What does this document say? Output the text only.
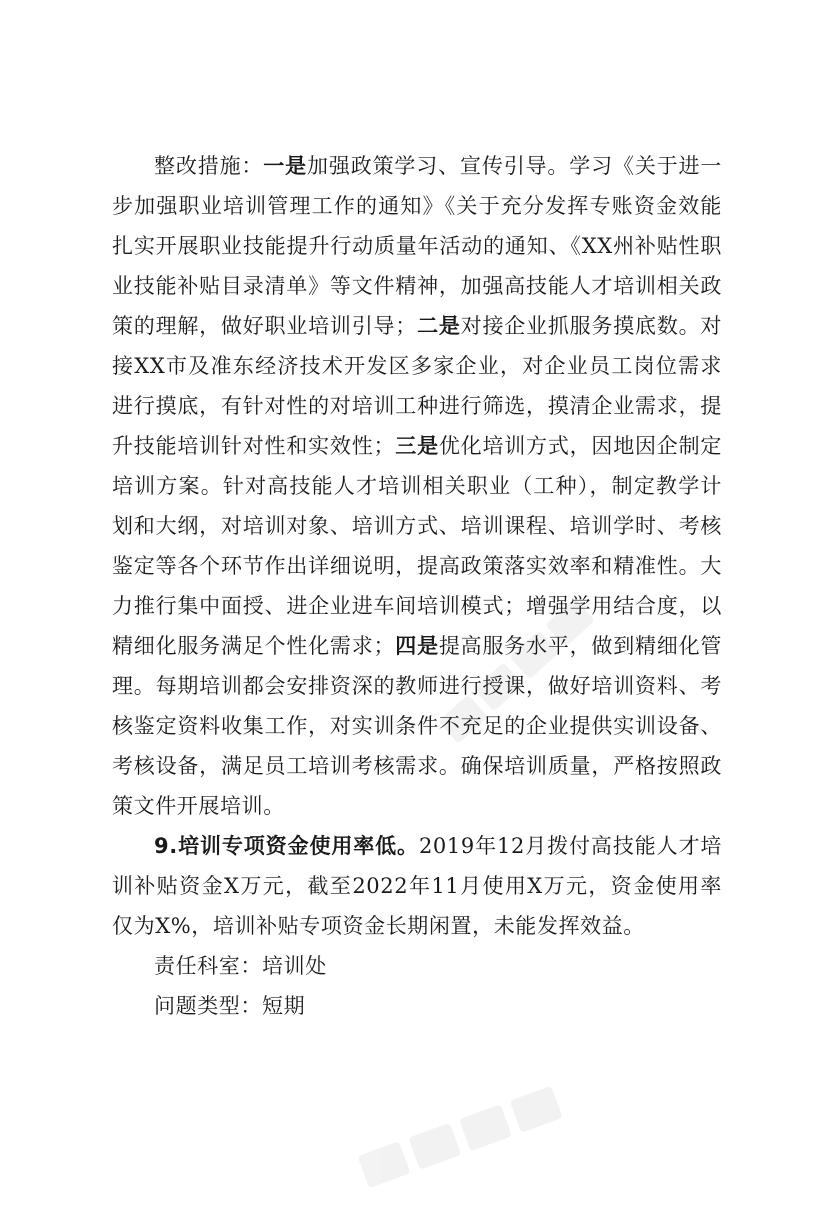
整改措施：一是加强政策学习、宣传引导。学习《关于进一步加强职业培训管理工作的通知》《关于充分发挥专账资金效能扎实开展职业技能提升行动质量年活动的通知、《XX州补贴性职业技能补贴目录清单》等文件精神，加强高技能人才培训相关政策的理解，做好职业培训引导；二是对接企业抓服务摸底数。对接XX市及准东经济技术开发区多家企业，对企业员工岗位需求进行摸底，有针对性的对培训工种进行筛选，摸清企业需求，提升技能培训针对性和实效性；三是优化培训方式，因地因企制定培训方案。针对高技能人才培训相关职业（工种），制定教学计划和大纲，对培训对象、培训方式、培训课程、培训学时、考核鉴定等各个环节作出详细说明，提高政策落实效率和精准性。大力推行集中面授、进企业进车间培训模式；增强学用结合度，以精细化服务满足个性化需求；四是提高服务水平，做到精细化管理。每期培训都会安排资深的教师进行授课，做好培训资料、考核鉴定资料收集工作，对实训条件不充足的企业提供实训设备、考核设备，满足员工培训考核需求。确保培训质量，严格按照政策文件开展培训。

9.培训专项资金使用率低。2019年12月拨付高技能人才培训补贴资金X万元，截至2022年11月使用X万元，资金使用率仅为X%，培训补贴专项资金长期闲置，未能发挥效益。

责任科室：培训处

问题类型：短期
